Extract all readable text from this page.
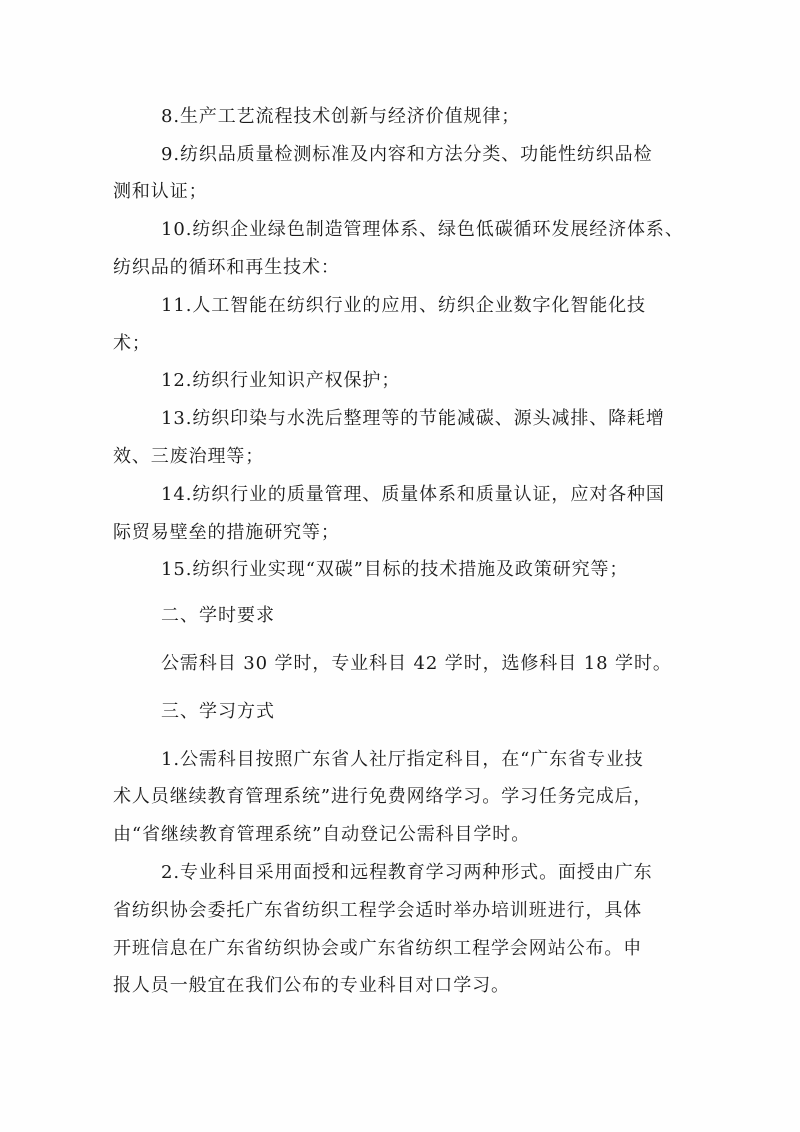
8.生产工艺流程技术创新与经济价值规律；
9.纺织品质量检测标准及内容和方法分类、功能性纺织品检
测和认证；
10.纺织企业绿色制造管理体系、绿色低碳循环发展经济体系、
纺织品的循环和再生技术：
11.人工智能在纺织行业的应用、纺织企业数字化智能化技
术；
12.纺织行业知识产权保护；
13.纺织印染与水洗后整理等的节能减碳、源头减排、降耗增
效、三废治理等；
14.纺织行业的质量管理、质量体系和质量认证，应对各种国
际贸易壁垒的措施研究等；
15.纺织行业实现“双碳”目标的技术措施及政策研究等；
二、学时要求
公需科目 30 学时，专业科目 42 学时，选修科目 18 学时。
三、学习方式
1.公需科目按照广东省人社厅指定科目，在“广东省专业技
术人员继续教育管理系统”进行免费网络学习。学习任务完成后，
由“省继续教育管理系统”自动登记公需科目学时。
2.专业科目采用面授和远程教育学习两种形式。面授由广东
省纺织协会委托广东省纺织工程学会适时举办培训班进行，具体
开班信息在广东省纺织协会或广东省纺织工程学会网站公布。申
报人员一般宜在我们公布的专业科目对口学习。
